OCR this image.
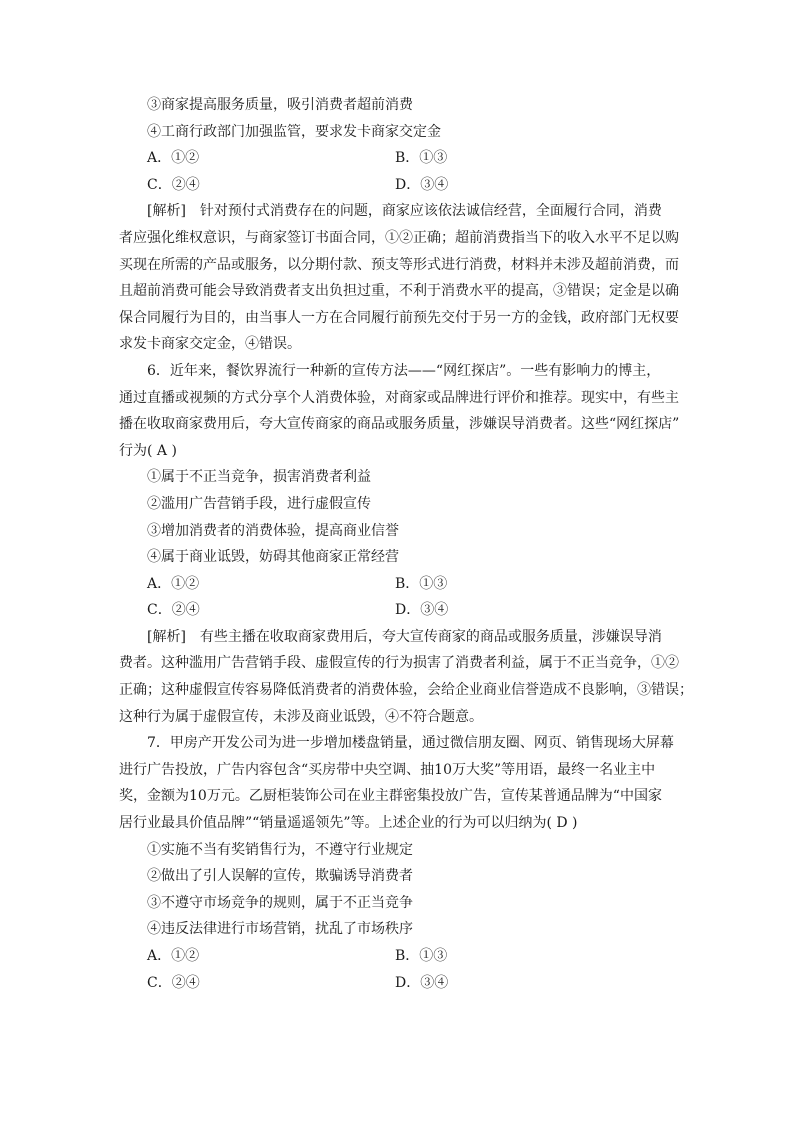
③商家提高服务质量，吸引消费者超前消费
④工商行政部门加强监管，要求发卡商家交定金
A．①②	B．①③
C．②④	D．③④
[解析]　针对预付式消费存在的问题，商家应该依法诚信经营，全面履行合同，消费
者应强化维权意识，与商家签订书面合同，①②正确；超前消费指当下的收入水平不足以购
买现在所需的产品或服务，以分期付款、预支等形式进行消费，材料并未涉及超前消费，而
且超前消费可能会导致消费者支出负担过重，不利于消费水平的提高，③错误；定金是以确
保合同履行为目的，由当事人一方在合同履行前预先交付于另一方的金钱，政府部门无权要
求发卡商家交定金，④错误。
6．近年来，餐饮界流行一种新的宣传方法——“网红探店”。一些有影响力的博主，
通过直播或视频的方式分享个人消费体验，对商家或品牌进行评价和推荐。现实中，有些主
播在收取商家费用后，夸大宣传商家的商品或服务质量，涉嫌误导消费者。这些“网红探店”
行为( A )
①属于不正当竞争，损害消费者利益
②滥用广告营销手段，进行虚假宣传
③增加消费者的消费体验，提高商业信誉
④属于商业诋毁，妨碍其他商家正常经营
A．①②	B．①③
C．②④	D．③④
[解析]　有些主播在收取商家费用后，夸大宣传商家的商品或服务质量，涉嫌误导消
费者。这种滥用广告营销手段、虚假宣传的行为损害了消费者利益，属于不正当竞争，①②
正确；这种虚假宣传容易降低消费者的消费体验，会给企业商业信誉造成不良影响，③错误；
这种行为属于虚假宣传，未涉及商业诋毁，④不符合题意。
7．甲房产开发公司为进一步增加楼盘销量，通过微信朋友圈、网页、销售现场大屏幕
进行广告投放，广告内容包含“买房带中央空调、抽10万大奖”等用语，最终一名业主中
奖，金额为10万元。乙厨柜装饰公司在业主群密集投放广告，宣传某普通品牌为“中国家
居行业最具价值品牌”“销量遥遥领先”等。上述企业的行为可以归纳为( D )
①实施不当有奖销售行为，不遵守行业规定
②做出了引人误解的宣传，欺骗诱导消费者
③不遵守市场竞争的规则，属于不正当竞争
④违反法律进行市场营销，扰乱了市场秩序
A．①②	B．①③
C．②④	D．③④
